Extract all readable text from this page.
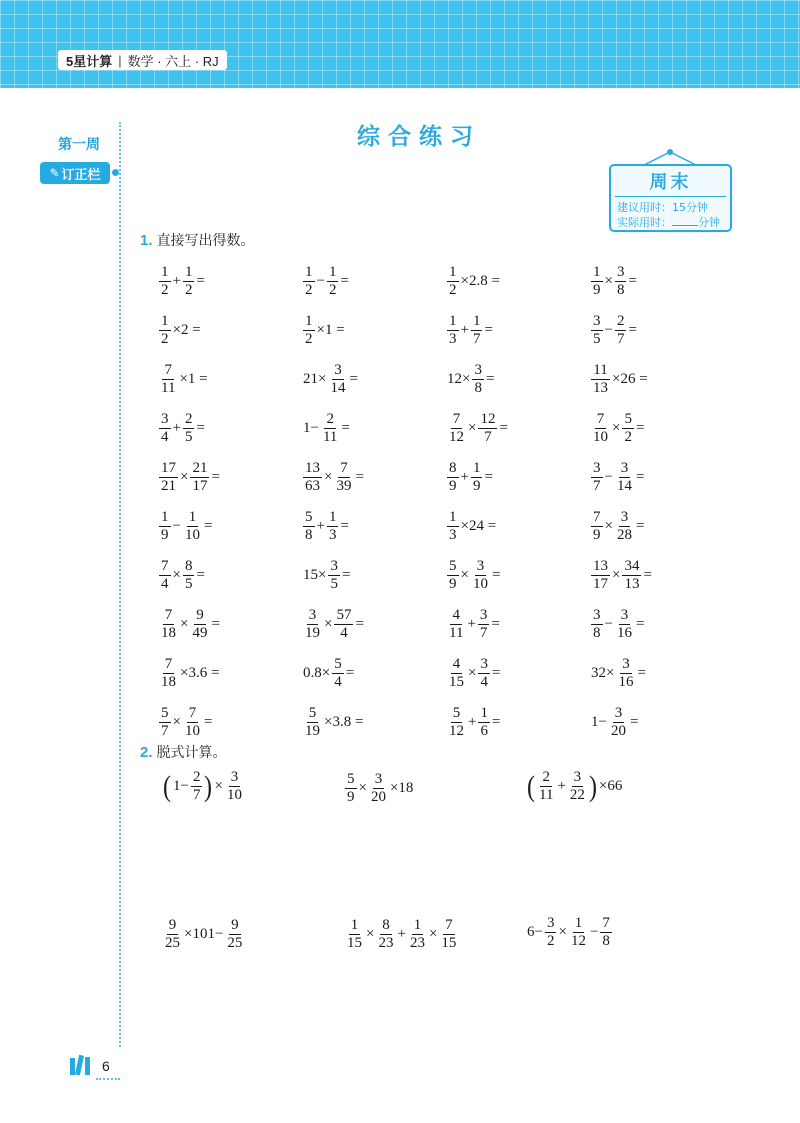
5星计算 | 数学 · 六上 · RJ
第一周
✎ 订正栏
综合练习
周末
建议用时：15分钟
实际用时： 分钟
1. 直接写出得数。
$\frac{1}{2} + \frac{1}{2}$ =	$\frac{1}{2} - \frac{1}{2}$ =	$\frac{1}{2} \times 2.8$ =	$\frac{1}{9} \times \frac{3}{8}$ =
$\frac{1}{2} \times 2$ =	$\frac{1}{2} \times 1$ =	$\frac{1}{3} + \frac{1}{7}$ =	$\frac{3}{5} - \frac{2}{7}$ =
$\frac{7}{11} \times 1$ =	$21\times \frac{3}{14}$ =	$12\times \frac{3}{8}$ =	$\frac{11}{13} \times 26$ =
$\frac{3}{4} + \frac{2}{5}$ =	$1- \frac{2}{11}$ =	$\frac{7}{12} \times \frac{12}{7}$ =	$\frac{7}{10} \times \frac{5}{2}$ =
$\frac{17}{21} \times \frac{21}{17}$ =	$\frac{13}{63} \times \frac{7}{39}$ =	$\frac{8}{9} + \frac{1}{9}$ =	$\frac{3}{7} - \frac{3}{14}$ =
$\frac{1}{9} - \frac{1}{10}$ =	$\frac{5}{8} + \frac{1}{3}$ =	$\frac{1}{3} \times 24$ =	$\frac{7}{9} \times \frac{3}{28}$ =
$\frac{7}{4} \times \frac{8}{5}$ =	$15\times \frac{3}{5}$ =	$\frac{5}{9} \times \frac{3}{10}$ =	$\frac{13}{17} \times \frac{34}{13}$ =
$\frac{7}{18} \times \frac{9}{49}$ =	$\frac{3}{19} \times \frac{57}{4}$ =	$\frac{4}{11} + \frac{3}{7}$ =	$\frac{3}{8} - \frac{3}{16}$ =
$\frac{7}{18} \times 3.6$ =	$0.8\times \frac{5}{4}$ =	$\frac{4}{15} \times \frac{3}{4}$ =	$32\times \frac{3}{16}$ =
$\frac{5}{7} \times \frac{7}{10}$ =	$\frac{5}{19} \times 3.8$ =	$\frac{5}{12} + \frac{1}{6}$ =	$1- \frac{3}{20}$ =
2. 脱式计算。
( $1- \frac{2}{7}$ ) × $\frac{3}{10}$	$\frac{5}{9} \times \frac{3}{20} \times 18$	( $\frac{2}{11} + \frac{3}{22}$ ) ×66
$\frac{9}{25} \times 101- \frac{9}{25}$	$\frac{1}{15} \times \frac{8}{23} + \frac{1}{23} \times \frac{7}{15}$	$6- \frac{3}{2} \times \frac{1}{12} - \frac{7}{8}$
6
